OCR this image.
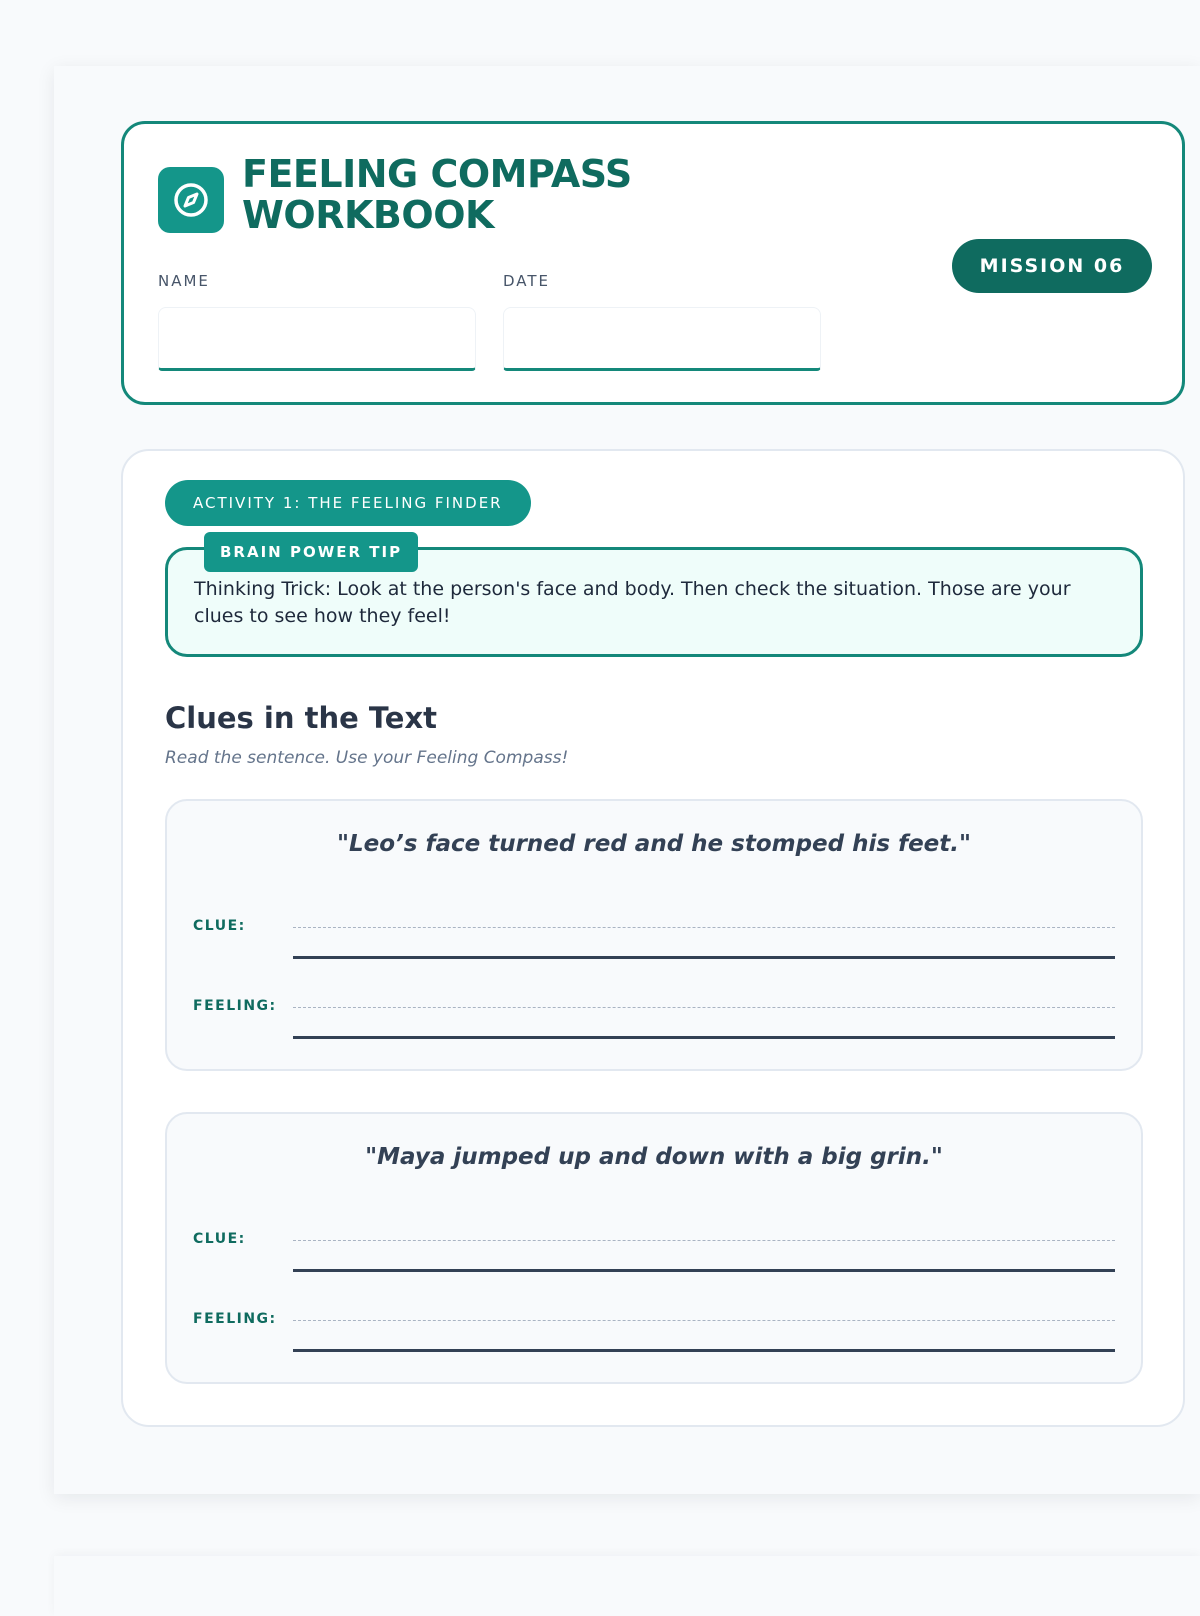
FEELING COMPASS
WORKBOOK
MISSION 06
NAME	DATE
ACTIVITY 1: THE FEELING FINDER
BRAIN POWER TIP

Thinking Trick: Look at the person's face and body. Then check the situation. Those are your clues to see how they feel!

Clues in the Text

Read the sentence. Use your Feeling Compass!

"Leo’s face turned red and he stomped his feet."

CLUE:
FEELING:

"Maya jumped up and down with a big grin."

CLUE:
FEELING:
